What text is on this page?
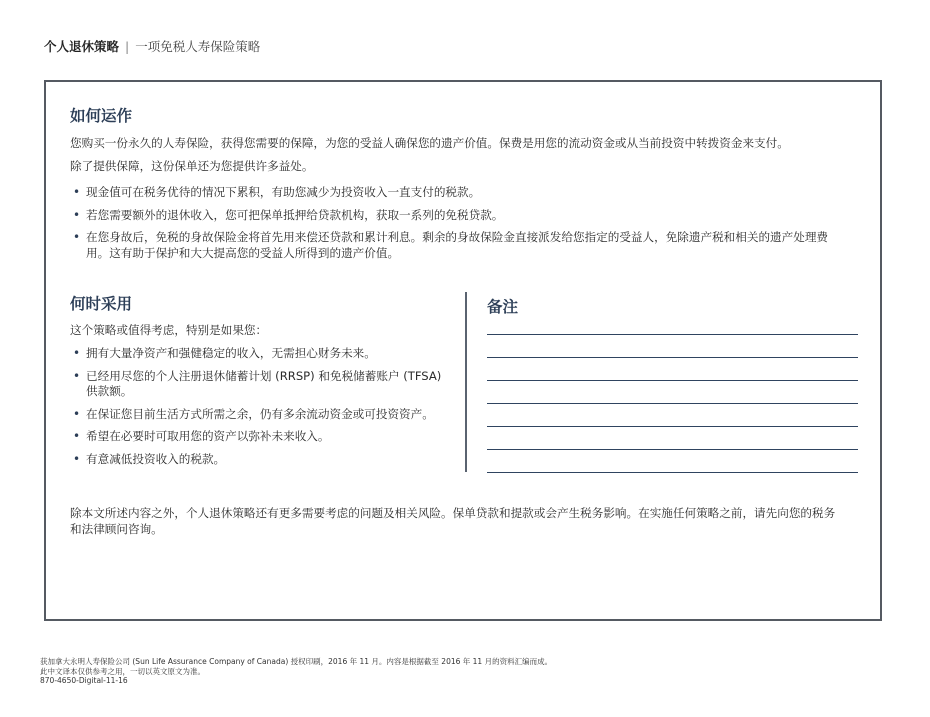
个人退休策略 | 一项免税人寿保险策略
如何运作
您购买一份永久的人寿保险，获得您需要的保障，为您的受益人确保您的遗产价值。保费是用您的流动资金或从当前投资中转拨资金来支付。
除了提供保障，这份保单还为您提供许多益处。
• 现金值可在税务优待的情况下累积，有助您减少为投资收入一直支付的税款。
• 若您需要额外的退休收入，您可把保单抵押给贷款机构，获取一系列的免税贷款。
• 在您身故后，免税的身故保险金将首先用来偿还贷款和累计利息。剩余的身故保险金直接派发给您指定的受益人，免除遗产税和相关的遗产处理费用。这有助于保护和大大提高您的受益人所得到的遗产价值。
何时采用
这个策略或值得考虑，特别是如果您：
• 拥有大量净资产和强健稳定的收入，无需担心财务未来。
• 已经用尽您的个人注册退休储蓄计划 (RRSP) 和免税储蓄账户 (TFSA) 供款额。
• 在保证您目前生活方式所需之余，仍有多余流动资金或可投资资产。
• 希望在必要时可取用您的资产以弥补未来收入。
• 有意减低投资收入的税款。
备注
除本文所述内容之外，个人退休策略还有更多需要考虑的问题及相关风险。保单贷款和提款或会产生税务影响。在实施任何策略之前，请先向您的税务和法律顾问咨询。
获加拿大永明人寿保险公司 (Sun Life Assurance Company of Canada) 授权印刷，2016 年 11 月。内容是根据截至 2016 年 11 月的资料汇编而成。
此中文译本仅供参考之用，一切以英文原文为准。
870-4650-Digital-11-16
